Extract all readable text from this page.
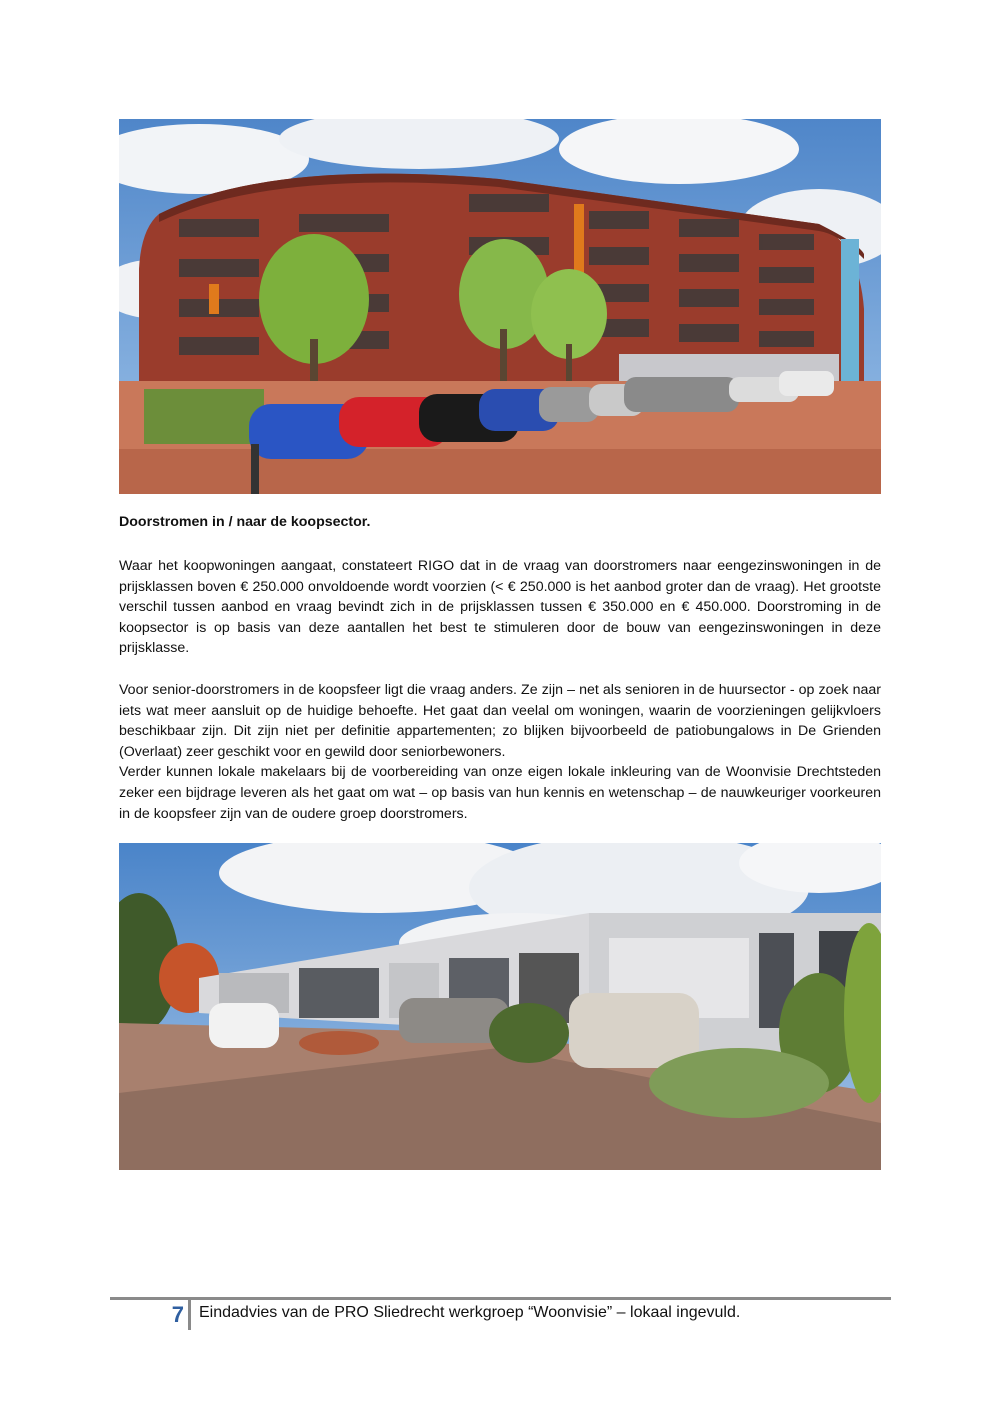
Doorstromen in / naar de koopsector.

Waar het koopwoningen aangaat, constateert RIGO dat in de vraag van doorstromers naar eengezinswoningen in de prijsklassen boven € 250.000 onvoldoende wordt voorzien (< € 250.000 is het aanbod groter dan de vraag). Het grootste verschil tussen aanbod en vraag bevindt zich in de prijsklassen tussen € 350.000 en € 450.000. Doorstroming in de koopsector is op basis van deze aantallen het best te stimuleren door de bouw van eengezinswoningen in deze prijsklasse.

Voor senior-doorstromers in de koopsfeer ligt die vraag anders. Ze zijn – net als senioren in de huursector - op zoek naar iets wat meer aansluit op de huidige behoefte. Het gaat dan veelal om woningen, waarin de voorzieningen gelijkvloers beschikbaar zijn. Dit zijn niet per definitie appartementen; zo blijken bijvoorbeeld de patiobungalows in De Grienden (Overlaat) zeer geschikt voor en gewild door seniorbewoners.

Verder kunnen lokale makelaars bij de voorbereiding van onze eigen lokale inkleuring van de Woonvisie Drechtsteden zeker een bijdrage leveren als het gaat om wat – op basis van hun kennis en wetenschap – de nauwkeuriger voorkeuren in de koopsfeer zijn van de oudere groep doorstromers.

7 Eindadvies van de PRO Sliedrecht werkgroep “Woonvisie” – lokaal ingevuld.
